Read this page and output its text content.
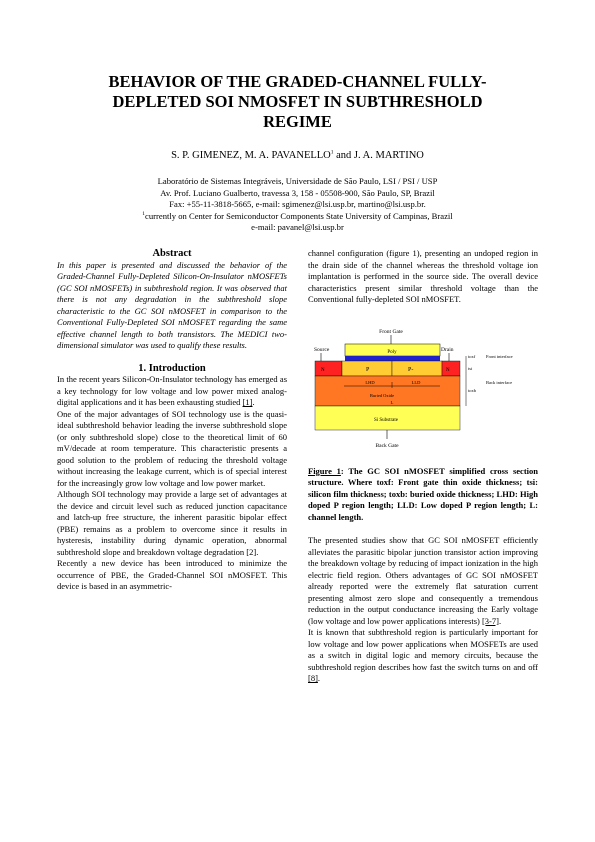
BEHAVIOR OF THE GRADED-CHANNEL FULLY-
DEPLETED SOI NMOSFET IN SUBTHRESHOLD
REGIME
S. P. GIMENEZ, M. A. PAVANELLO$^1$ and J. A. MARTINO
Laboratório de Sistemas Integráveis, Universidade de São Paulo, LSI / PSI / USP
Av. Prof. Luciano Gualberto, travessa 3, 158 - 05508-900, São Paulo, SP, Brazil
Fax: +55-11-3818-5665, e-mail: sgimenez@lsi.usp.br, martino@lsi.usp.br.
$^1$currently on Center for Semiconductor Components State University of Campinas, Brazil
e-mail: pavanel@lsi.usp.br

Abstract

In this paper is presented and discussed the behavior of the Graded-Channel Fully-Depleted Silicon-On-Insulator nMOSFETs (GC SOI nMOSFETs) in subthreshold region. It was observed that there is not any degradation in the subthreshold slope characteristic to the GC SOI nMOSFET in comparison to the Conventional Fully-Depleted SOI nMOSFET regarding the same effective channel length to both transistors. The MEDICI two-dimensional simulator was used to qualify these results.

1. Introduction

In the recent years Silicon-On-Insulator technology has emerged as a key technology for low voltage and low power mixed analog-digital applications and it has been exhausting studied [1].

One of the major advantages of SOI technology use is the quasi-ideal subthreshold behavior leading the inverse subthreshold slope (or only subthreshold slope) close to the theoretical limit of 60 mV/decade at room temperature. This characteristic presents a good solution to the problem of reducing the threshold voltage without increasing the leakage current, which is of special interest for the increasingly grow low voltage and low power market.

Although SOI technology may provide a large set of advantages at the device and circuit level such as reduced junction capacitance and latch-up free structure, the inherent parasitic bipolar effect (PBE) remains as a problem to overcome since it results in hysteresis, instability during dynamic operation, abnormal subthreshold slope and breakdown voltage degradation [2].

Recently a new device has been introduced to minimize the occurrence of PBE, the Graded-Channel SOI nMOSFET. This device is based in an asymmetric-

channel configuration (figure 1), presenting an undoped region in the drain side of the channel whereas the threshold voltage ion implantation is performed in the source side. The overall device characteristics present similar threshold voltage than the Conventional fully-depleted SOI nMOSFET.

Front Gate
Source	Drain
Poly
N	P	P-	N
LHD	LLD
Buried Oxide
L
Si Substrate
Back Gate
toxf
tsi
toxb
Front interface
Back interface

Figure 1: The GC SOI nMOSFET simplified cross section structure. Where toxf: Front gate thin oxide thickness; tsi: silicon film thickness; toxb: buried oxide thickness; LHD: High doped P region length; LLD: Low doped P region length; L: channel length.

The presented studies show that GC SOI nMOSFET efficiently alleviates the parasitic bipolar junction transistor action improving the breakdown voltage by reducing of impact ionization in the high electric field region. Others advantages of GC SOI nMOSFET already reported were the extremely flat saturation current presenting almost zero slope and consequently a tremendous reduction in the output conductance increasing the Early voltage (low voltage and low power applications interests) [3-7].

It is known that subthreshold region is particularly important for low voltage and low power applications when MOSFETs are used as a switch in digital logic and memory circuits, because the subthreshold region describes how fast the switch turns on and off [8].
